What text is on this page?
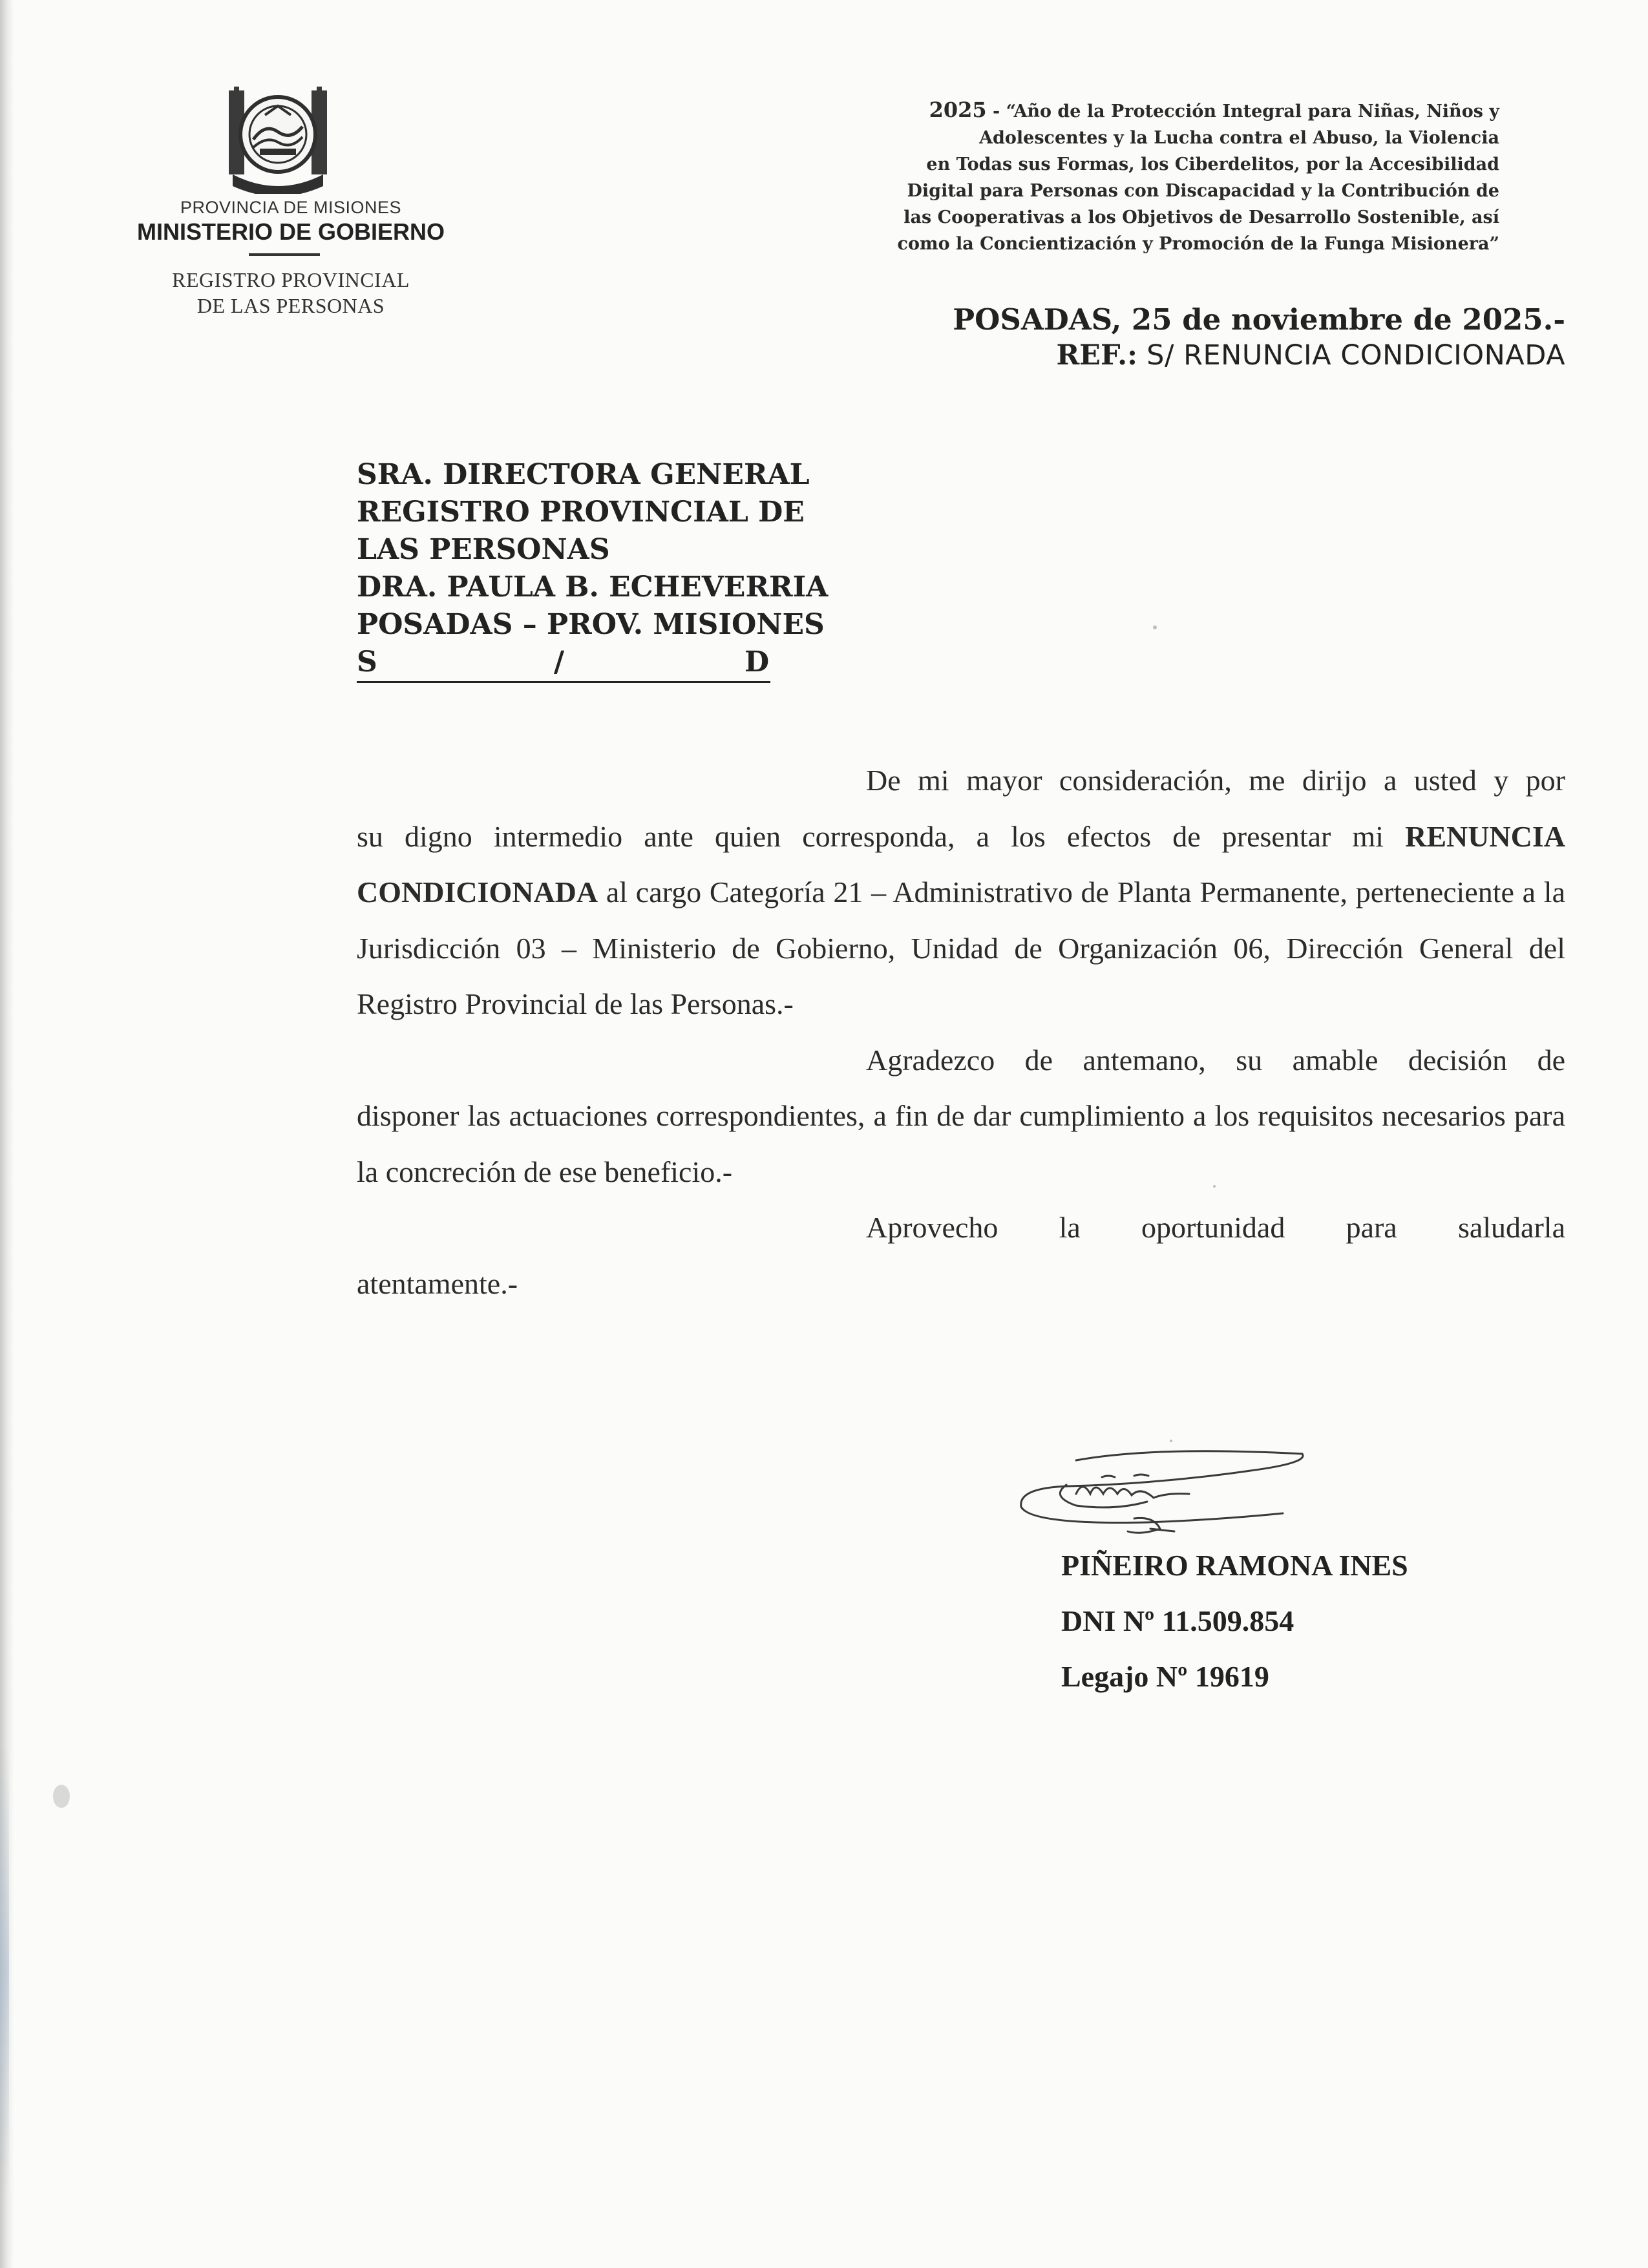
PROVINCIA DE MISIONES
MINISTERIO DE GOBIERNO
REGISTRO PROVINCIAL
DE LAS PERSONAS
2025 - “Año de la Protección Integral para Niñas, Niños y
Adolescentes y la Lucha contra el Abuso, la Violencia
en Todas sus Formas, los Ciberdelitos, por la Accesibilidad
Digital para Personas con Discapacidad y la Contribución de
las Cooperativas a los Objetivos de Desarrollo Sostenible, así
como la Concientización y Promoción de la Funga Misionera”
POSADAS, 25 de noviembre de 2025.-
REF.: S/ RENUNCIA CONDICIONADA
SRA. DIRECTORA GENERAL
REGISTRO PROVINCIAL DE
LAS PERSONAS
DRA. PAULA B. ECHEVERRIA
POSADAS – PROV. MISIONES
S	/	D

De mi mayor consideración, me dirijo a usted y por

su digno intermedio ante quien corresponda, a los efectos de presentar mi RENUNCIA CONDICIONADA al cargo Categoría 21 – Administrativo de Planta Permanente, perteneciente a la Jurisdicción 03 – Ministerio de Gobierno, Unidad de Organización 06, Dirección General del Registro Provincial de las Personas.-

Agradezco de antemano, su amable decisión de

disponer las actuaciones correspondientes, a fin de dar cumplimiento a los requisitos necesarios para la concreción de ese beneficio.-

Aprovecho la oportunidad para saludarla

atentamente.-

PIÑEIRO RAMONA INES
DNI Nº 11.509.854
Legajo Nº 19619
